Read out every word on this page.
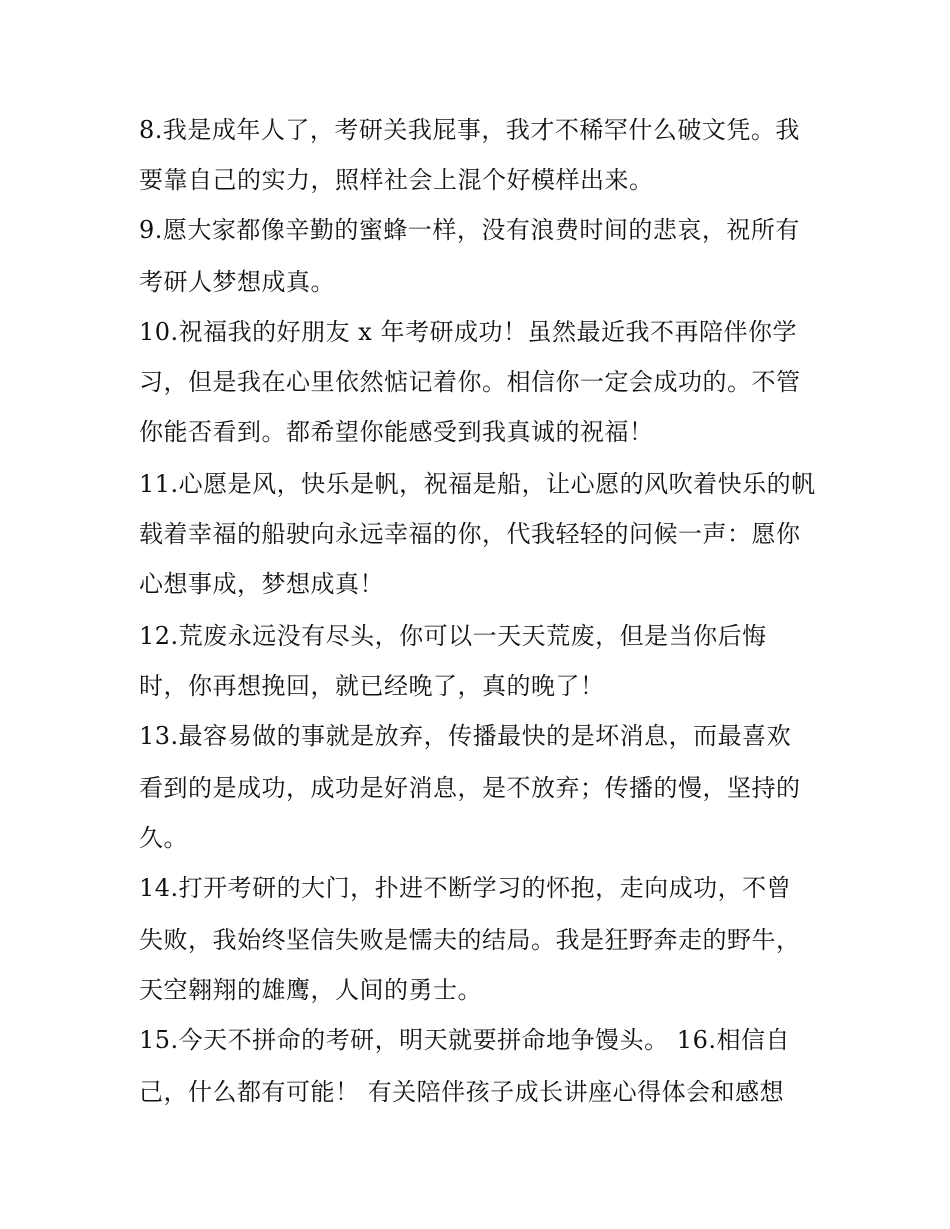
8.我是成年人了，考研关我屁事，我才不稀罕什么破文凭。我
要靠自己的实力，照样社会上混个好模样出来。
9.愿大家都像辛勤的蜜蜂一样，没有浪费时间的悲哀，祝所有
考研人梦想成真。
10.祝福我的好朋友 x 年考研成功！虽然最近我不再陪伴你学
习，但是我在心里依然惦记着你。相信你一定会成功的。不管
你能否看到。都希望你能感受到我真诚的祝福！
11.心愿是风，快乐是帆，祝福是船，让心愿的风吹着快乐的帆
载着幸福的船驶向永远幸福的你，代我轻轻的问候一声：愿你
心想事成，梦想成真！
12.荒废永远没有尽头，你可以一天天荒废，但是当你后悔
时，你再想挽回，就已经晚了，真的晚了！
13.最容易做的事就是放弃，传播最快的是坏消息，而最喜欢
看到的是成功，成功是好消息，是不放弃；传播的慢，坚持的
久。
14.打开考研的大门，扑进不断学习的怀抱，走向成功，不曾
失败，我始终坚信失败是懦夫的结局。我是狂野奔走的野牛，
天空翱翔的雄鹰，人间的勇士。
15.今天不拼命的考研，明天就要拼命地争馒头。 16.相信自
己，什么都有可能！ 有关陪伴孩子成长讲座心得体会和感想
